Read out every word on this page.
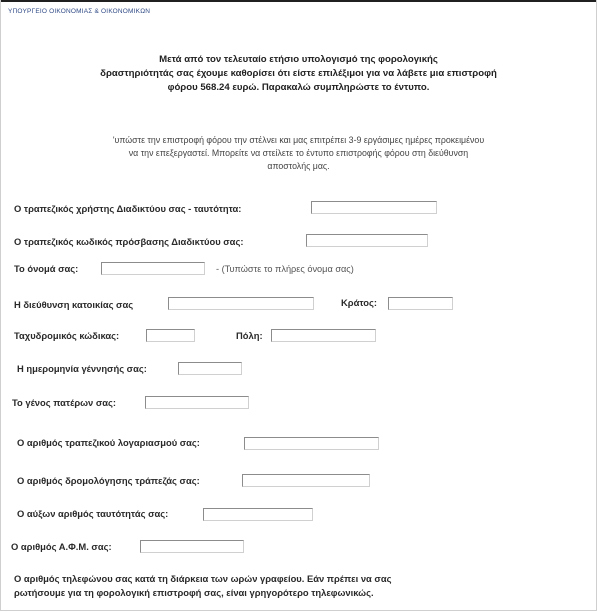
ΥΠΟΥΡΓΕΙΟ ΟΙΚΟΝΟΜΙΑΣ & ΟΙΚΟΝΟΜΙΚΩΝ
Μετά από τον τελευταίο ετήσιο υπολογισμό της φορολογικής
δραστηριότητάς σας έχουμε καθορίσει ότι είστε επιλέξιμοι για να λάβετε μια επιστροφή
φόρου 568.24 ευρώ. Παρακαλώ συμπληρώστε το έντυπο.
'υπώστε την επιστροφή φόρου την στέλνει και μας επιτρέπει 3-9 εργάσιμες ημέρες προκειμένου
να την επεξεργαστεί. Μπορείτε να στείλετε το έντυπο επιστροφής φόρου στη διεύθυνση
αποστολής μας.
Ο τραπεζικός χρήστης Διαδικτύου σας - ταυτότητα:
Ο τραπεζικός κωδικός πρόσβασης Διαδικτύου σας:
Το όνομά σας:	- (Τυπώστε το πλήρες όνομα σας)
Η διεύθυνση κατοικίας σας	Κράτος:
Ταχυδρομικός κώδικας:	Πόλη:
Η ημερομηνία γέννησής σας:
Το γένος πατέρων σας:
Ο αριθμός τραπεζικού λογαριασμού σας:
Ο αριθμός δρομολόγησης τράπεζάς σας:
Ο αύξων αριθμός ταυτότητάς σας:
Ο αριθμός Α.Φ.Μ. σας:
Ο αριθμός τηλεφώνου σας κατά τη διάρκεια των ωρών γραφείου. Εάν πρέπει να σας
ρωτήσουμε για τη φορολογική επιστροφή σας, είναι γρηγορότερο τηλεφωνικώς.
